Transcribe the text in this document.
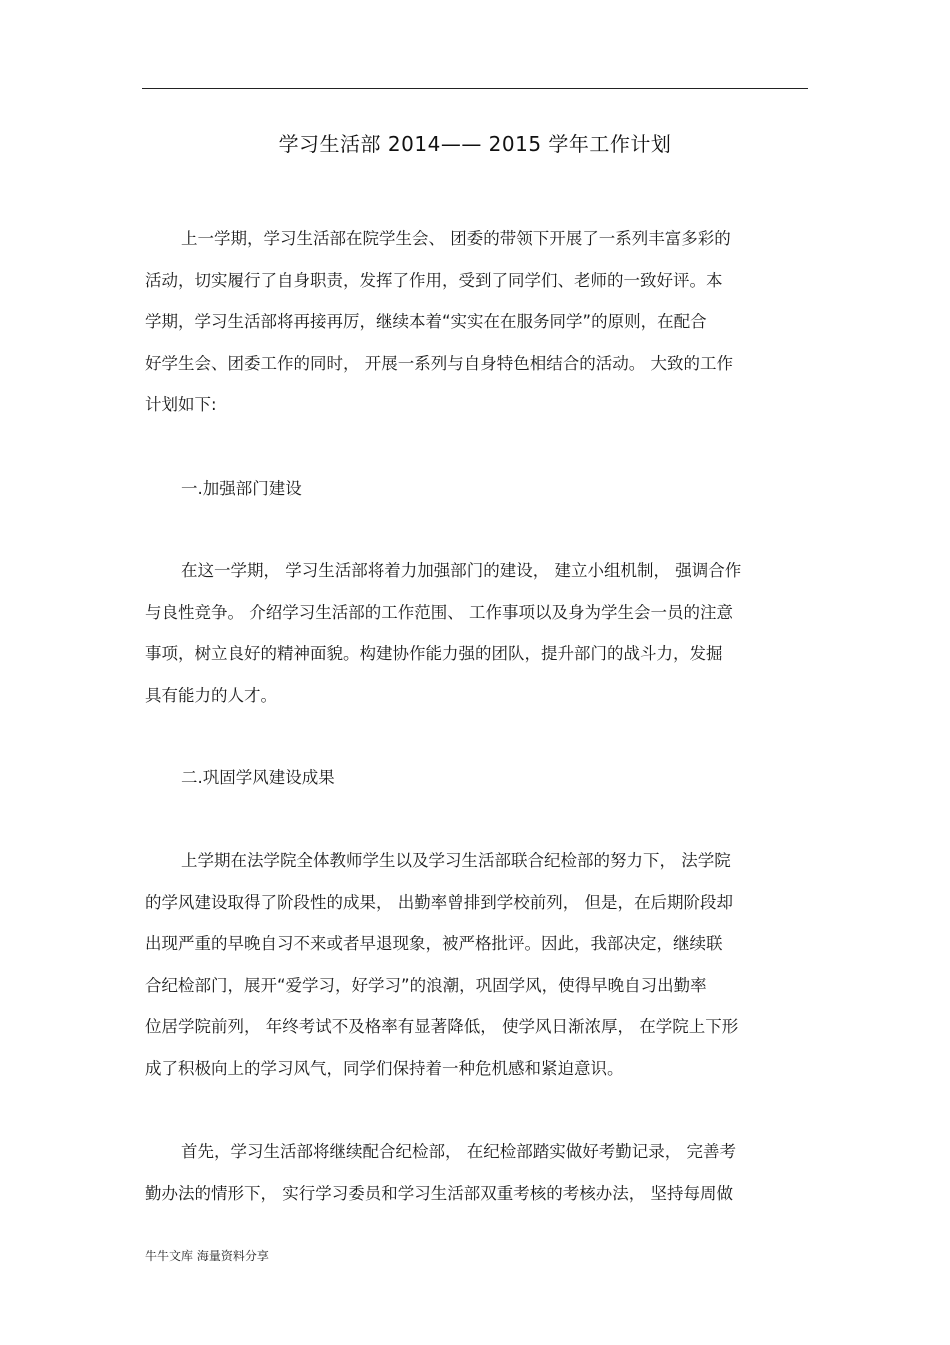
学习生活部 2014—— 2015 学年工作计划
上一学期，学习生活部在院学生会、 团委的带领下开展了一系列丰富多彩的
活动，切实履行了自身职责，发挥了作用，受到了同学们、老师的一致好评。本
学期，学习生活部将再接再厉，继续本着“实实在在服务同学”的原则，在配合
好学生会、团委工作的同时， 开展一系列与自身特色相结合的活动。 大致的工作
计划如下:
一.加强部门建设
在这一学期， 学习生活部将着力加强部门的建设， 建立小组机制， 强调合作
与良性竞争。 介绍学习生活部的工作范围、 工作事项以及身为学生会一员的注意
事项，树立良好的精神面貌。构建协作能力强的团队，提升部门的战斗力，发掘
具有能力的人才。
二.巩固学风建设成果
上学期在法学院全体教师学生以及学习生活部联合纪检部的努力下， 法学院
的学风建设取得了阶段性的成果， 出勤率曾排到学校前列， 但是，在后期阶段却
出现严重的早晚自习不来或者早退现象，被严格批评。因此，我部决定，继续联
合纪检部门，展开“爱学习，好学习”的浪潮，巩固学风，使得早晚自习出勤率
位居学院前列， 年终考试不及格率有显著降低， 使学风日渐浓厚， 在学院上下形
成了积极向上的学习风气，同学们保持着一种危机感和紧迫意识。
首先，学习生活部将继续配合纪检部， 在纪检部踏实做好考勤记录， 完善考
勤办法的情形下， 实行学习委员和学习生活部双重考核的考核办法， 坚持每周做
牛牛文库 海量资料分享
